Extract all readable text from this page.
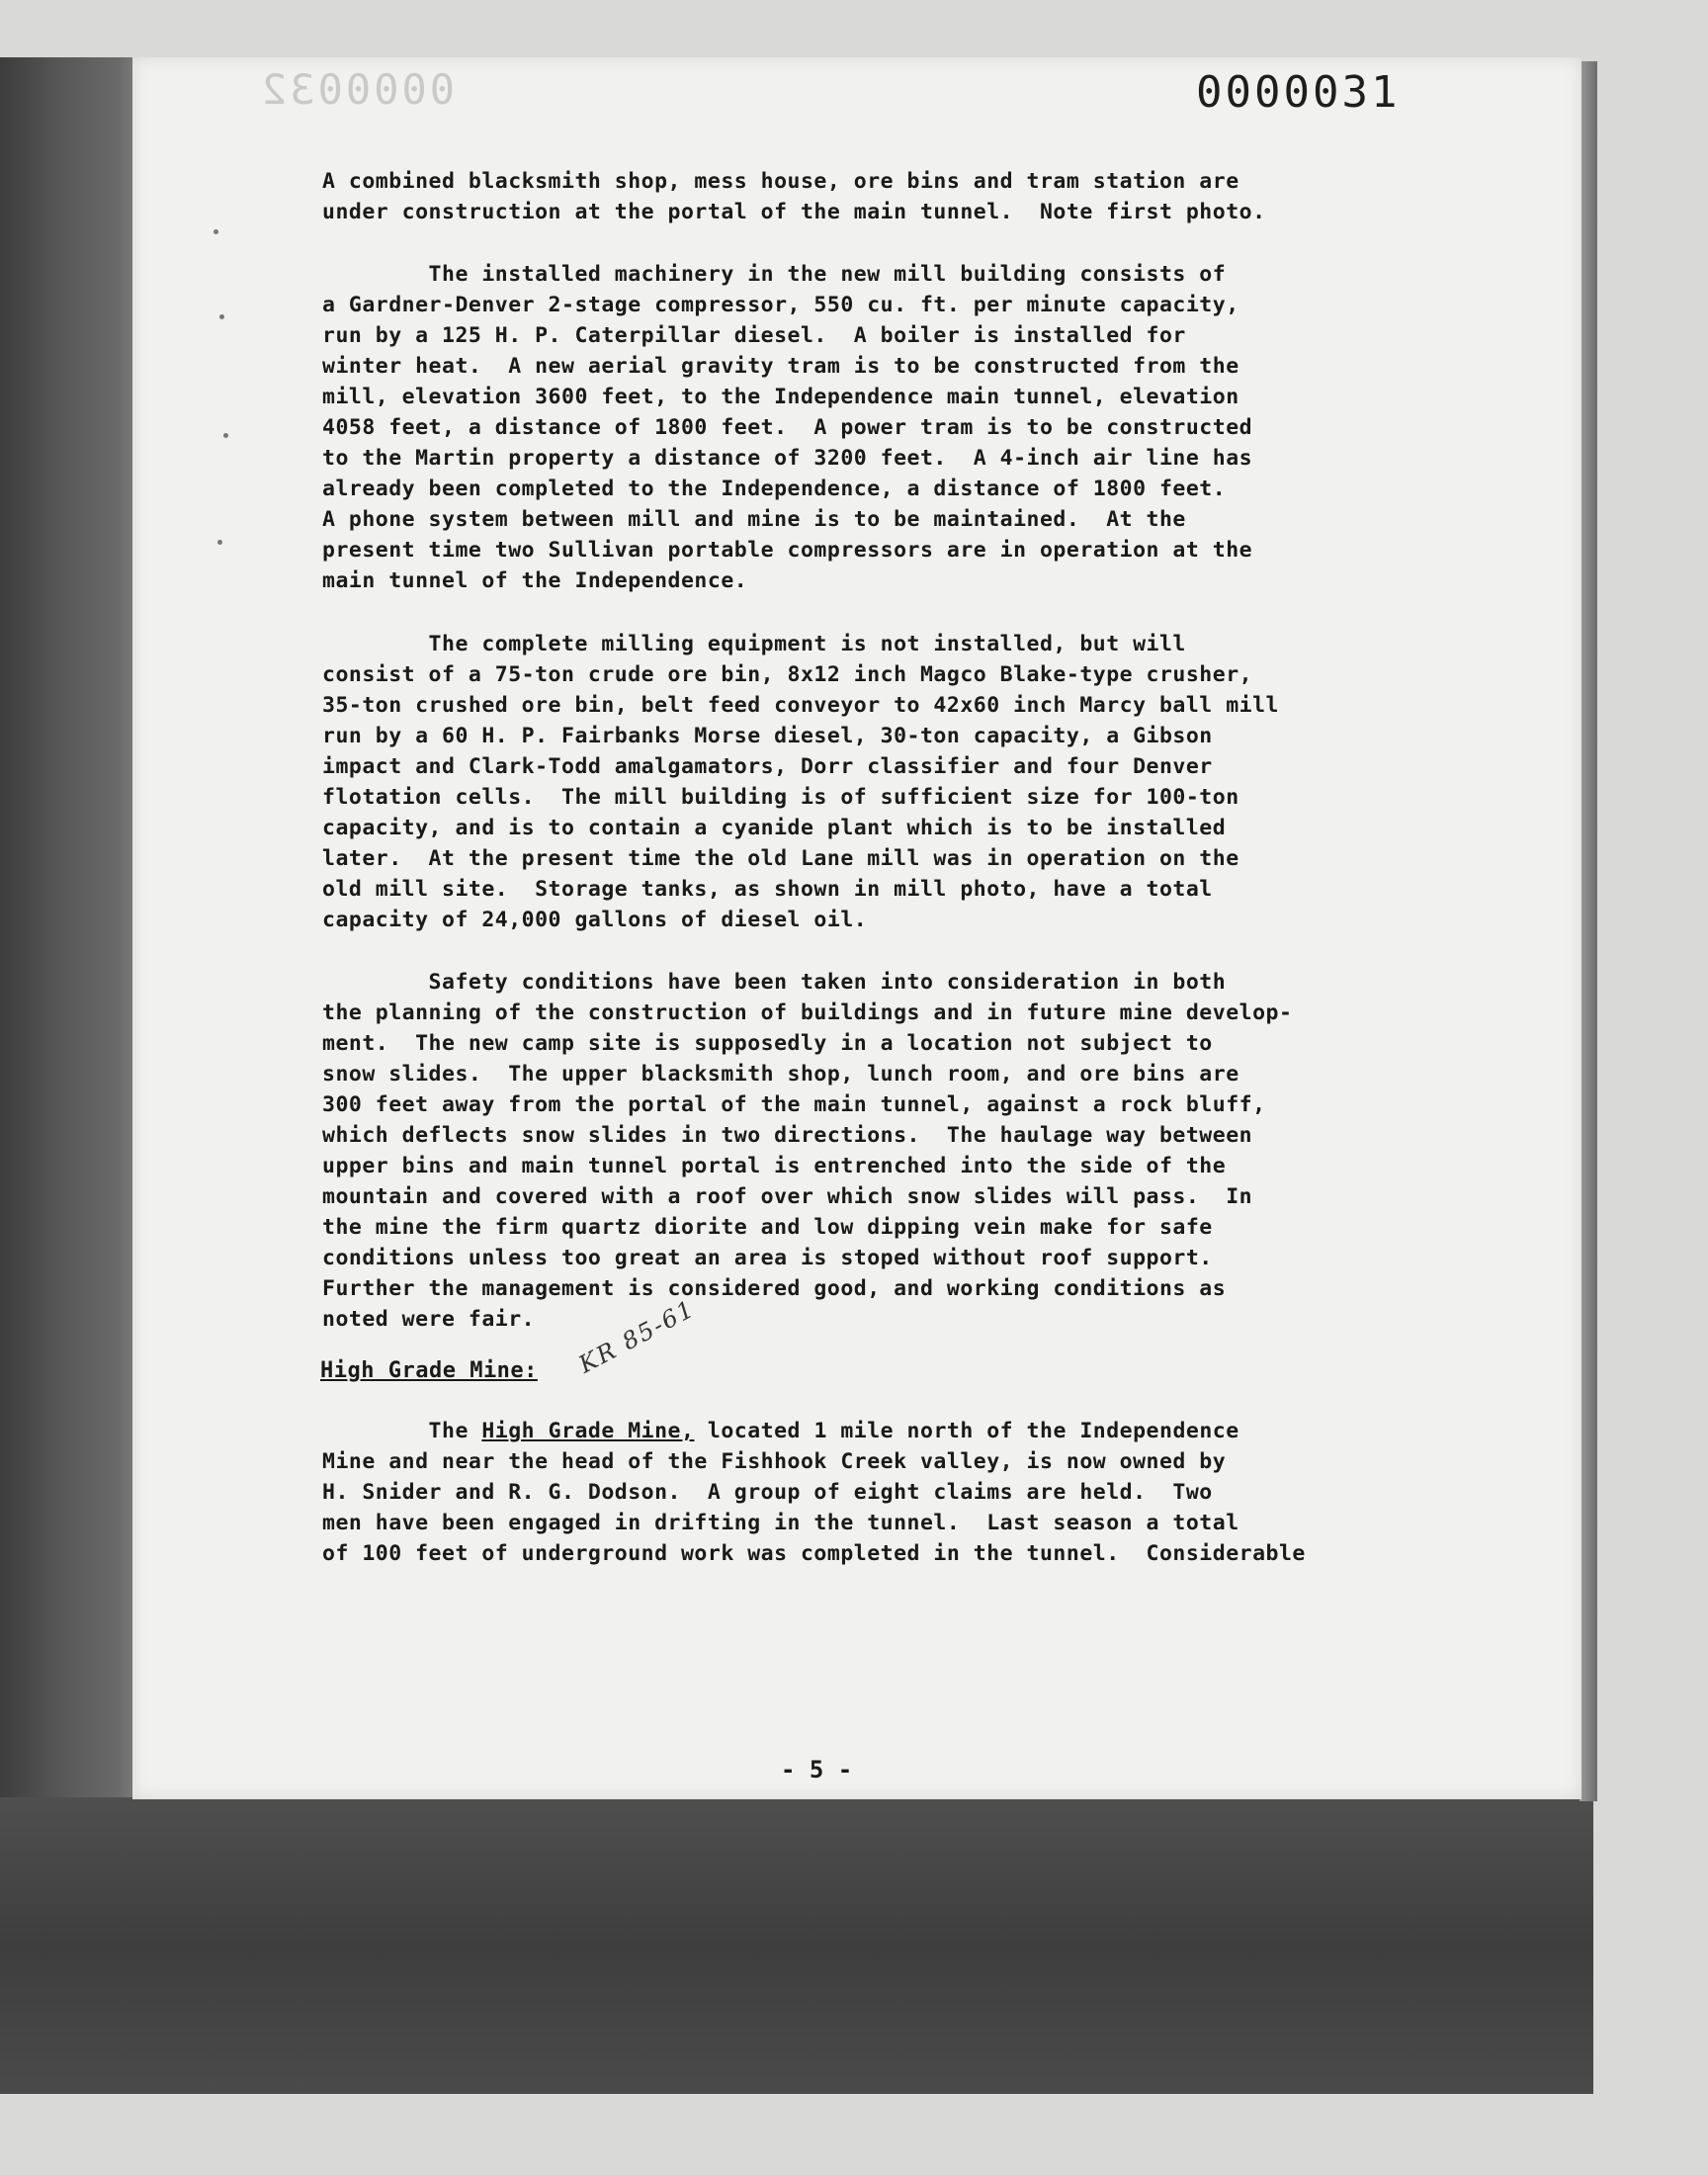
0000032	0000031
A combined blacksmith shop, mess house, ore bins and tram station are
under construction at the portal of the main tunnel.  Note first photo.
The installed machinery in the new mill building consists of
a Gardner-Denver 2-stage compressor, 550 cu. ft. per minute capacity,
run by a 125 H. P. Caterpillar diesel.  A boiler is installed for
winter heat.  A new aerial gravity tram is to be constructed from the
mill, elevation 3600 feet, to the Independence main tunnel, elevation
4058 feet, a distance of 1800 feet.  A power tram is to be constructed
to the Martin property a distance of 3200 feet.  A 4-inch air line has
already been completed to the Independence, a distance of 1800 feet.
A phone system between mill and mine is to be maintained.  At the
present time two Sullivan portable compressors are in operation at the
main tunnel of the Independence.
The complete milling equipment is not installed, but will
consist of a 75-ton crude ore bin, 8x12 inch Magco Blake-type crusher,
35-ton crushed ore bin, belt feed conveyor to 42x60 inch Marcy ball mill
run by a 60 H. P. Fairbanks Morse diesel, 30-ton capacity, a Gibson
impact and Clark-Todd amalgamators, Dorr classifier and four Denver
flotation cells.  The mill building is of sufficient size for 100-ton
capacity, and is to contain a cyanide plant which is to be installed
later.  At the present time the old Lane mill was in operation on the
old mill site.  Storage tanks, as shown in mill photo, have a total
capacity of 24,000 gallons of diesel oil.
Safety conditions have been taken into consideration in both
the planning of the construction of buildings and in future mine develop-
ment.  The new camp site is supposedly in a location not subject to
snow slides.  The upper blacksmith shop, lunch room, and ore bins are
300 feet away from the portal of the main tunnel, against a rock bluff,
which deflects snow slides in two directions.  The haulage way between
upper bins and main tunnel portal is entrenched into the side of the
mountain and covered with a roof over which snow slides will pass.  In
the mine the firm quartz diorite and low dipping vein make for safe
conditions unless too great an area is stoped without roof support.
Further the management is considered good, and working conditions as
noted were fair.
High Grade Mine: KR 85-61
The High Grade Mine, located 1 mile north of the Independence
Mine and near the head of the Fishhook Creek valley, is now owned by
H. Snider and R. G. Dodson.  A group of eight claims are held.  Two
men have been engaged in drifting in the tunnel.  Last season a total
of 100 feet of underground work was completed in the tunnel.  Considerable
- 5 -
